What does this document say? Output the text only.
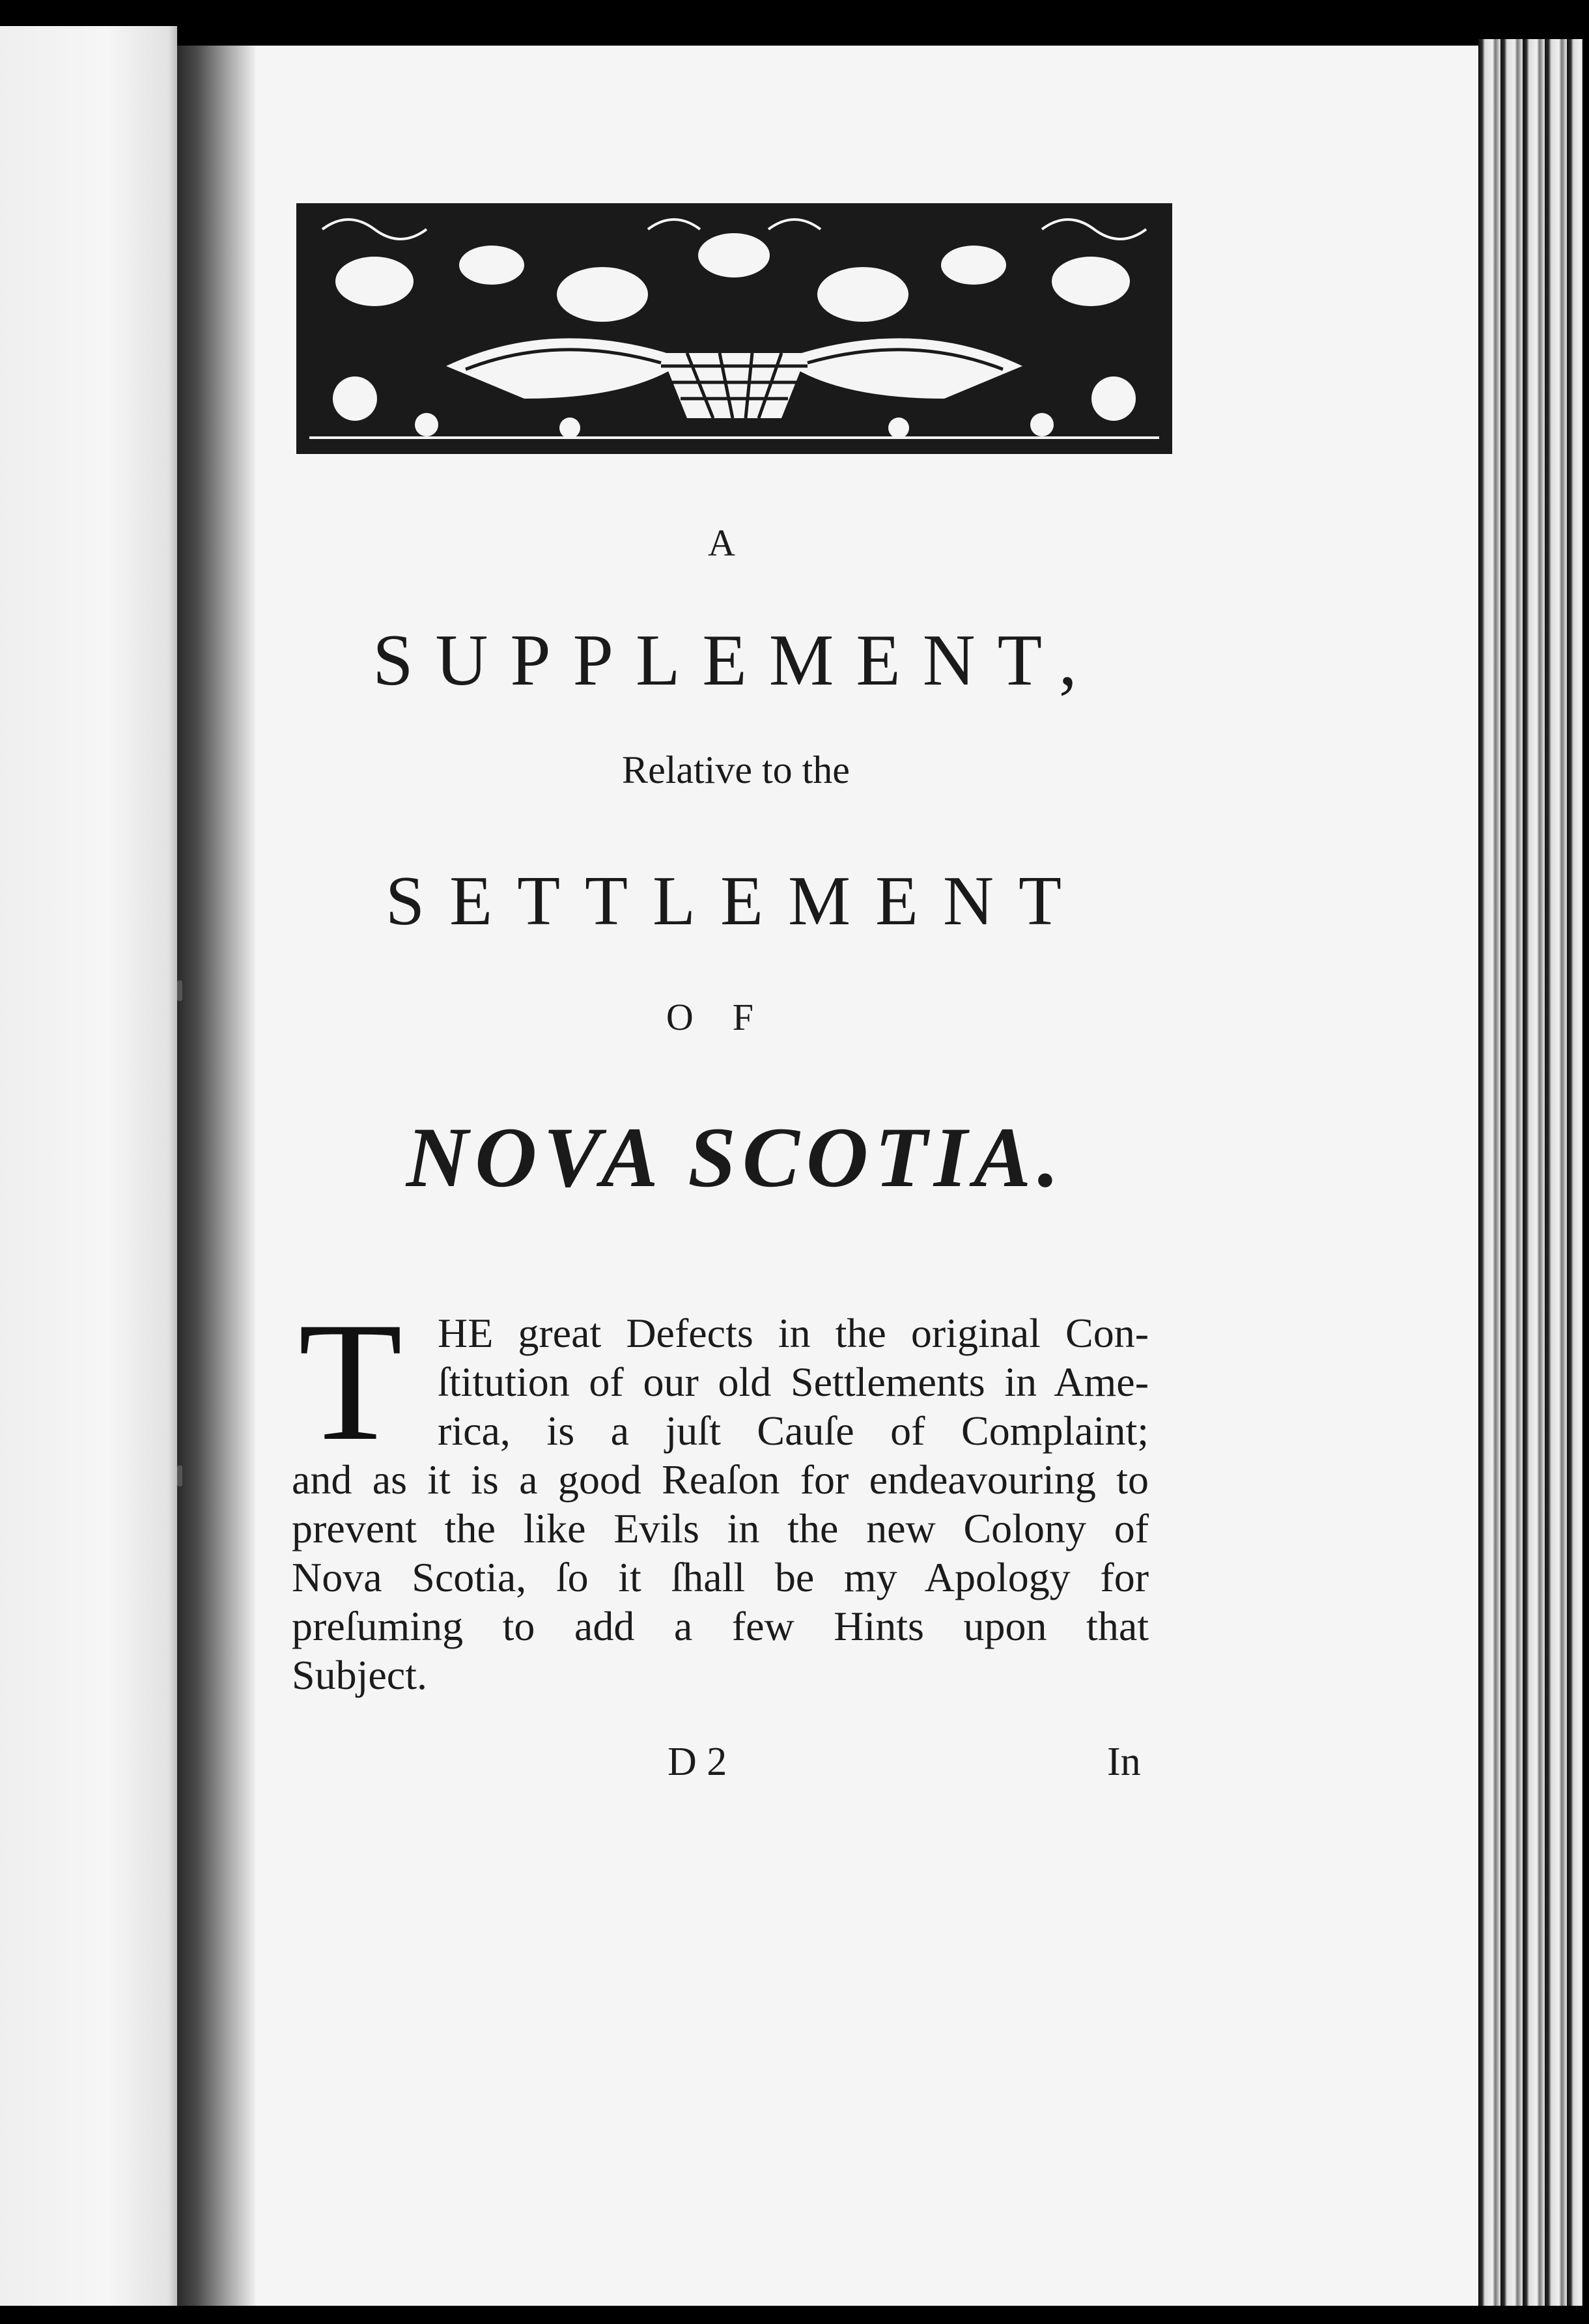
A
SUPPLEMENT,
Relative to the
SETTLEMENT
OF
NOVA SCOTIA.
T HE great Defects in the original Con-
ſtitution of our old Settlements in Ame-
rica, is a juſt Cauſe of Complaint;
and as it is a good Reaſon for endeavouring to
prevent the like Evils in the new Colony of
Nova Scotia, ſo it ſhall be my Apology for
preſuming to add a few Hints upon that
Subject.
D 2	In
